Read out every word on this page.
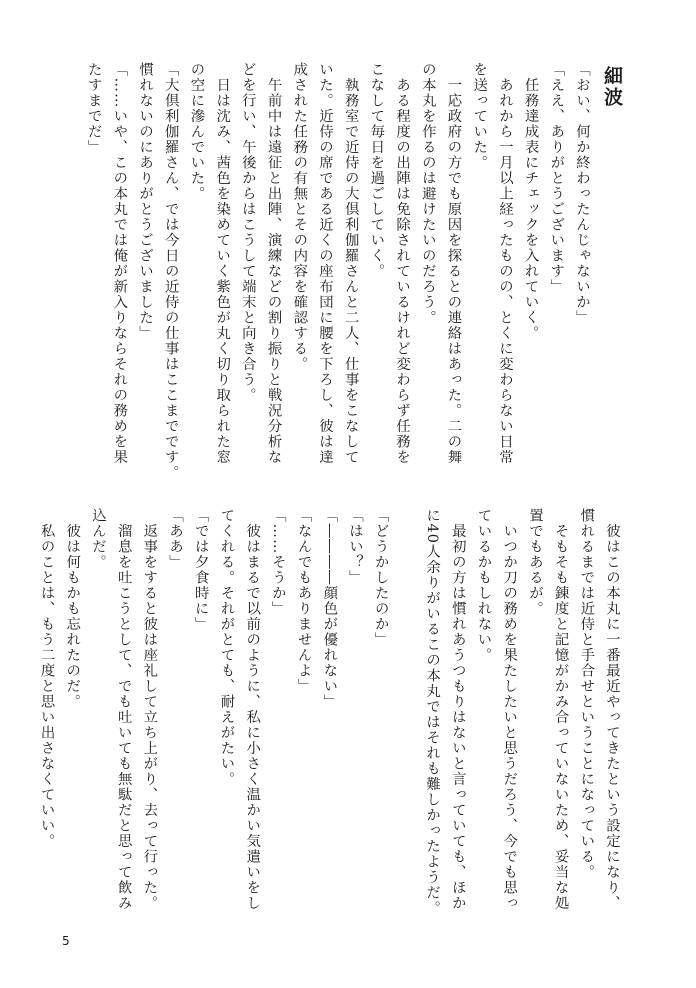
細波

「おい、何か終わったんじゃないか」

「ええ、ありがとうございます」

　任務達成表にチェックを入れていく。

　あれから一月以上経ったものの、とくに変わらない日常

を送っていた。

　一応政府の方でも原因を探るとの連絡はあった。二の舞

の本丸を作るのは避けたいのだろう。

　ある程度の出陣は免除されているけれど変わらず任務を

こなして毎日を過ごしていく。

　執務室で近侍の大倶利伽羅さんと二人、仕事をこなして

いた。近侍の席である近くの座布団に腰を下ろし、彼は達

成された任務の有無とその内容を確認する。

　午前中は遠征と出陣、演練などの割り振りと戦況分析な

どを行い、午後からはこうして端末と向き合う。

　日は沈み、茜色を染めていく紫色が丸く切り取られた窓

の空に滲んでいた。

「大倶利伽羅さん、では今日の近侍の仕事はここまでです。

慣れないのにありがとうございました」

「……いや、この本丸では俺が新入りならそれの務めを果

たすまでだ」

　彼はこの本丸に一番最近やってきたという設定になり、

慣れるまでは近侍と手合せということになっている。

　そもそも錬度と記憶がかみ合っていないため、妥当な処

置でもあるが。

　いつか刀の務めを果たしたいと思うだろう、今でも思っ

ているかもしれない。

　最初の方は慣れあうつもりはないと言っていても、ほか

に40人余りがいるこの本丸ではそれも難しかったようだ。

「どうかしたのか」

「はい？」

「――――顔色が優れない」

「なんでもありませんよ」

「……そうか」

　彼はまるで以前のように、私に小さく温かい気遣いをし

てくれる。それがとても、耐えがたい。

「では夕食時に」

「ああ」

　返事をすると彼は座礼して立ち上がり、去って行った。

　溜息を吐こうとして、でも吐いても無駄だと思って飲み

込んだ。

　彼は何もかも忘れたのだ。

　私のことは、もう二度と思い出さなくていい。

5
